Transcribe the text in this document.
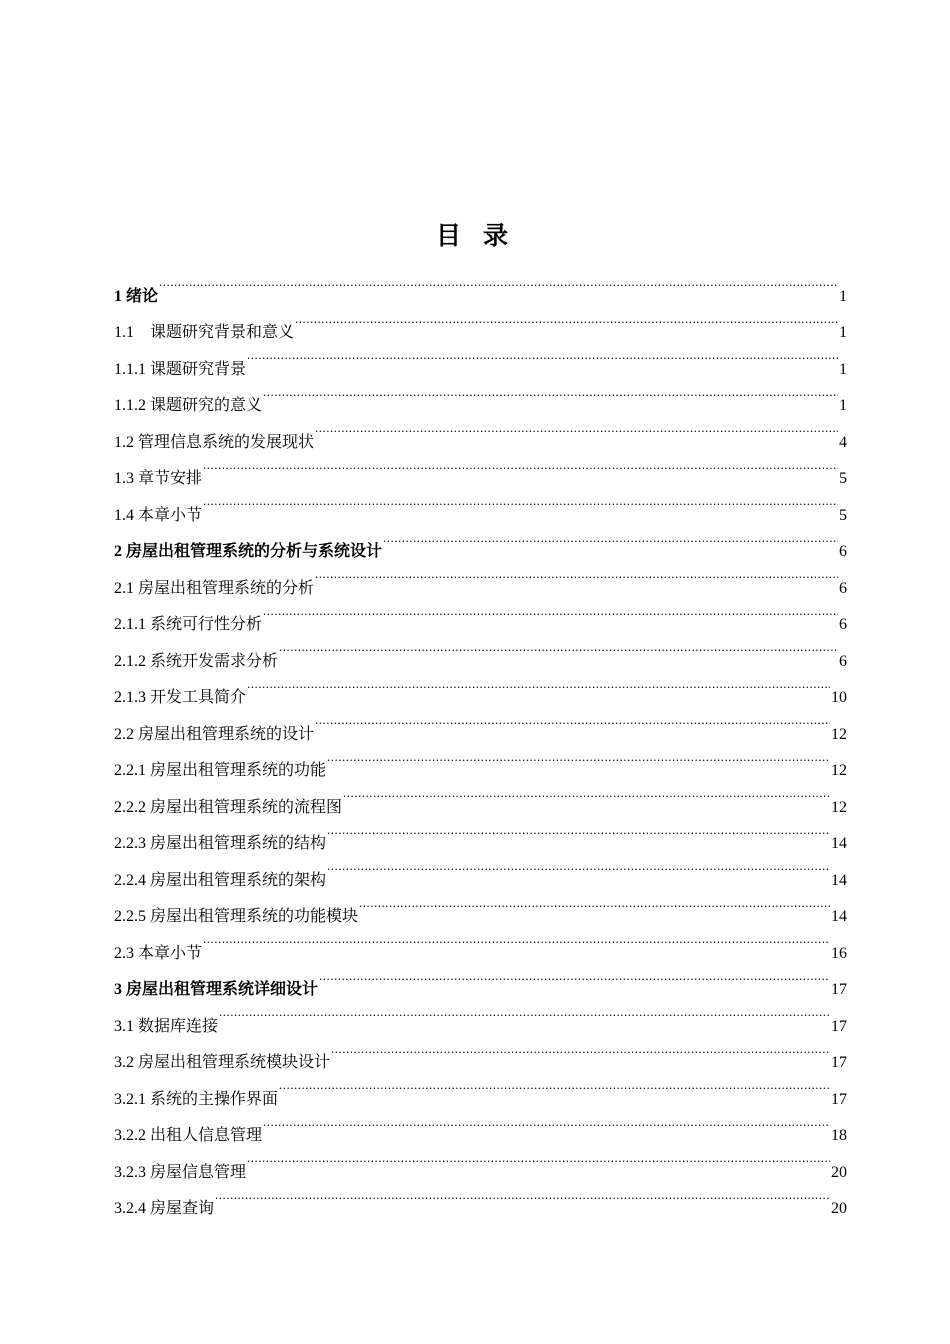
目录
1 绪论 .....	1
1.1　课题研究背景和意义 .....	1
1.1.1 课题研究背景 .....	1
1.1.2 课题研究的意义 .....	1
1.2 管理信息系统的发展现状 .....	4
1.3 章节安排 .....	5
1.4 本章小节 .....	5
2 房屋出租管理系统的分析与系统设计 .....	6
2.1 房屋出租管理系统的分析 .....	6
2.1.1 系统可行性分析 .....	6
2.1.2 系统开发需求分析 .....	6
2.1.3 开发工具简介 .....	10
2.2 房屋出租管理系统的设计 .....	12
2.2.1 房屋出租管理系统的功能 .....	12
2.2.2 房屋出租管理系统的流程图 .....	12
2.2.3 房屋出租管理系统的结构 .....	14
2.2.4 房屋出租管理系统的架构 .....	14
2.2.5 房屋出租管理系统的功能模块 .....	14
2.3 本章小节 .....	16
3 房屋出租管理系统详细设计 .....	17
3.1 数据库连接 .....	17
3.2 房屋出租管理系统模块设计 .....	17
3.2.1 系统的主操作界面 .....	17
3.2.2 出租人信息管理 .....	18
3.2.3 房屋信息管理 .....	20
3.2.4 房屋查询 .....	20
